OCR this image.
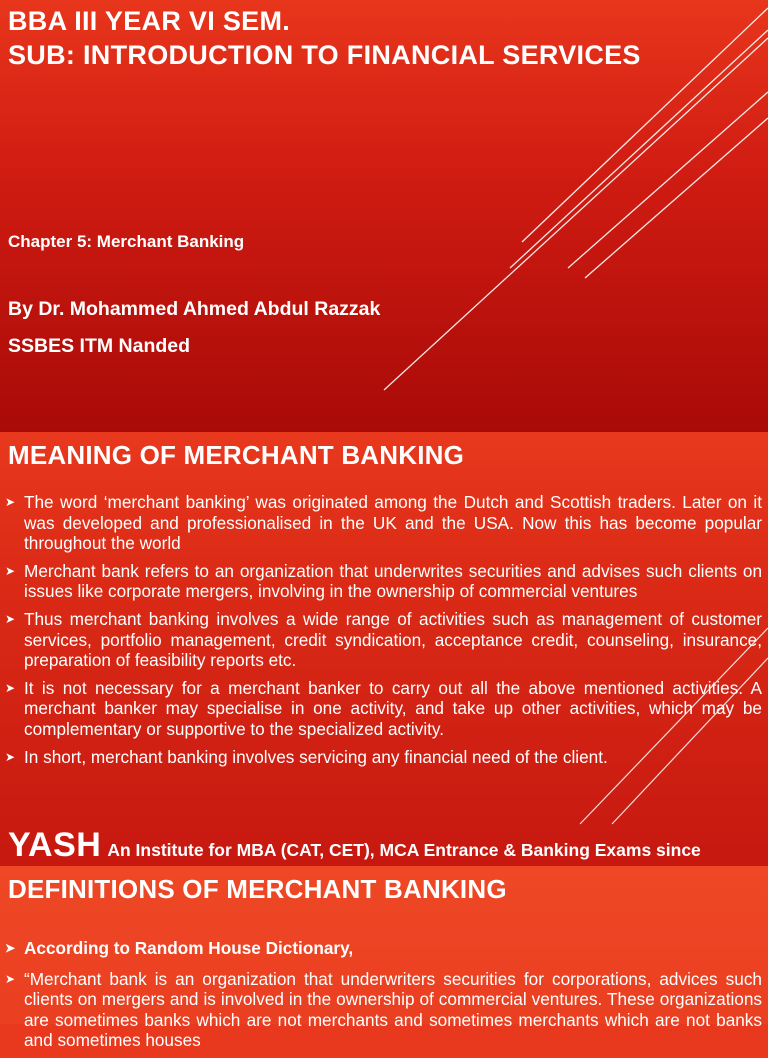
BBA III YEAR VI SEM.
SUB: INTRODUCTION TO FINANCIAL SERVICES
Chapter 5: Merchant Banking
By Dr. Mohammed Ahmed Abdul Razzak
SSBES ITM Nanded
MEANING OF MERCHANT BANKING
➤ The word ‘merchant banking’ was originated among the Dutch and Scottish traders. Later on it was developed and professionalised in the UK and the USA. Now this has become popular throughout the world
➤ Merchant bank refers to an organization that underwrites securities and advises such clients on issues like corporate mergers, involving in the ownership of commercial ventures
➤ Thus merchant banking involves a wide range of activities such as management of customer services, portfolio management, credit syndication, acceptance credit, counseling, insurance, preparation of feasibility reports etc.
➤ It is not necessary for a merchant banker to carry out all the above mentioned activities. A merchant banker may specialise in one activity, and take up other activities, which may be complementary or supportive to the specialized activity.
➤ In short, merchant banking involves servicing any financial need of the client.
YASH An Institute for MBA (CAT, CET), MCA Entrance & Banking Exams since
DEFINITIONS OF MERCHANT BANKING
➤ According to Random House Dictionary,
➤ “Merchant bank is an organization that underwriters securities for corporations, advices such clients on mergers and is involved in the ownership of commercial ventures. These organizations are sometimes banks which are not merchants and sometimes merchants which are not banks and sometimes houses
